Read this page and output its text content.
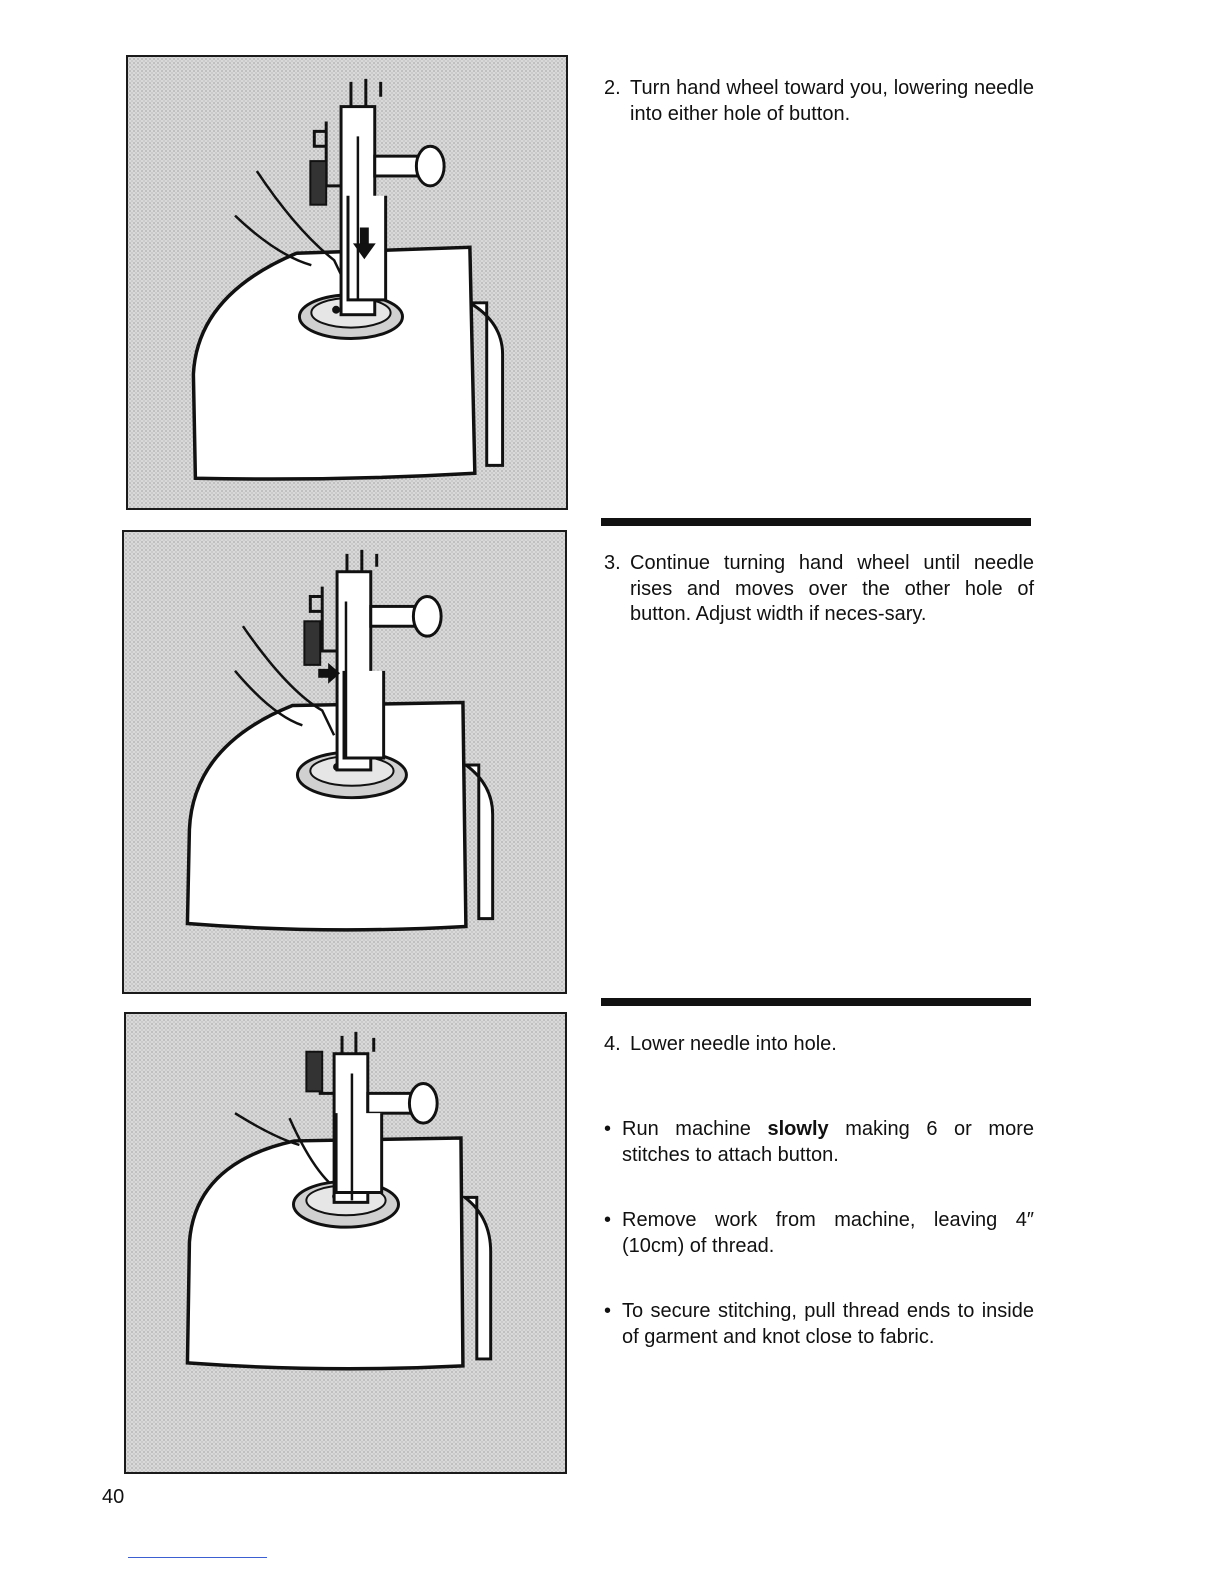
2. Turn hand wheel toward you, lowering needle into either hole of button.

3. Continue turning hand wheel until needle rises and moves over the other hole of button. Adjust width if neces-sary.

4. Lower needle into hole.

• Run machine slowly making 6 or more stitches to attach button.

• Remove work from machine, leaving 4″ (10cm) of thread.

• To secure stitching, pull thread ends to inside of garment and knot close to fabric.

40
